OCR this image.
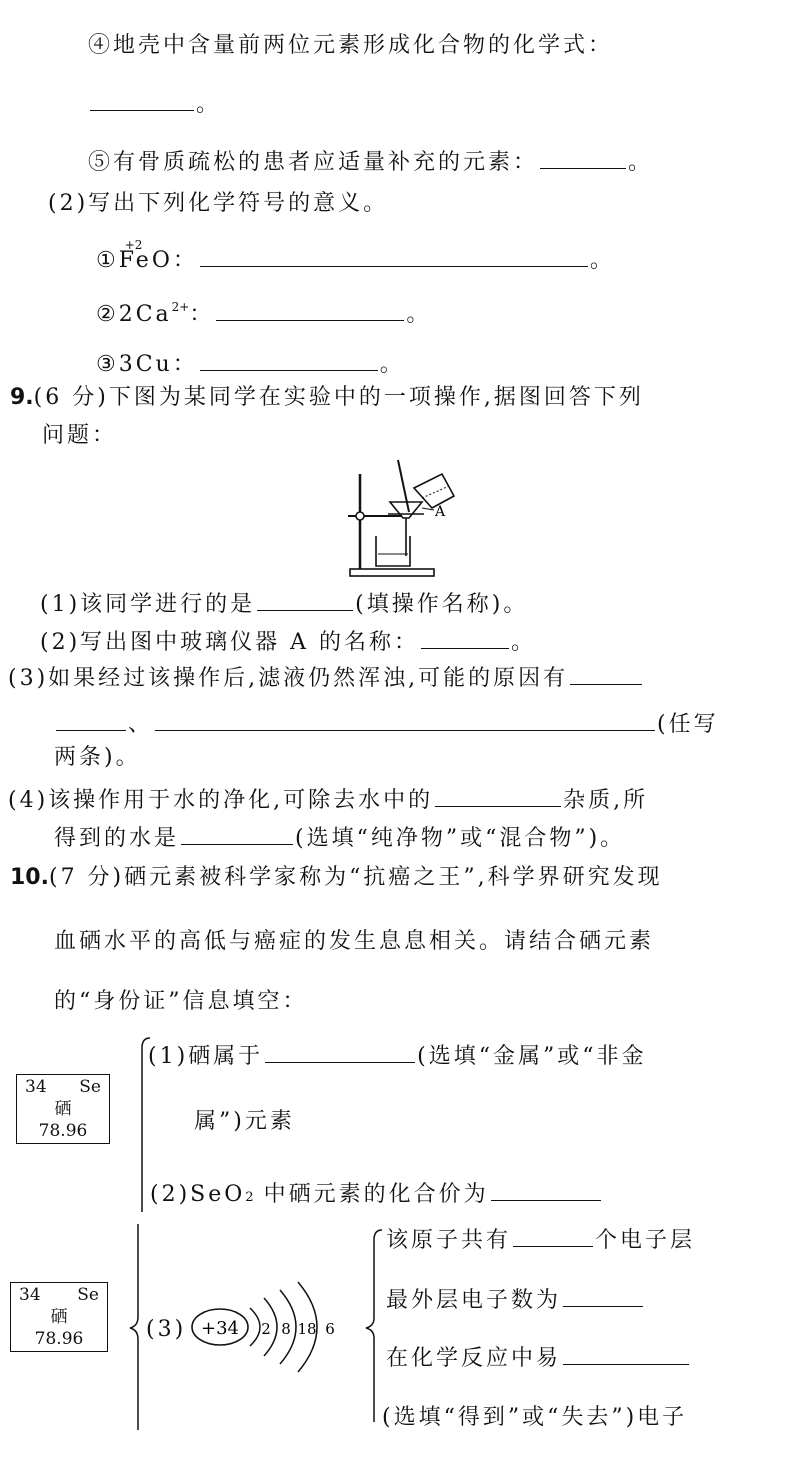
④地壳中含量前两位元素形成化合物的化学式：
。
⑤有骨质疏松的患者应适量补充的元素：	。
(2)写出下列化学符号的意义。
①
+2
FeO：	。
$②2Ca^{2+}$：	。
③3Cu：	。
9.(6 分)下图为某同学在实验中的一项操作,据图回答下列
问题：
A
(1)该同学进行的是	(填操作名称)。
(2)写出图中玻璃仪器 A 的名称：	。
(3)如果经过该操作后,滤液仍然浑浊,可能的原因有
、	(任写
两条)。
(4)该操作用于水的净化,可除去水中的	杂质,所
得到的水是	(选填“纯净物”或“混合物”)。
10.(7 分)硒元素被科学家称为“抗癌之王”,科学界研究发现
血硒水平的高低与癌症的发生息息相关。请结合硒元素
的“身份证”信息填空：
34	Se
硒
78.96
(1)硒属于	(选填“金属”或“非金
属”)元素
(2)SeO2 中硒元素的化合价为
34	Se
硒
78.96	(3) +34 2 8 18 6
该原子共有	个电子层
最外层电子数为
在化学反应中易
(选填“得到”或“失去”)电子
